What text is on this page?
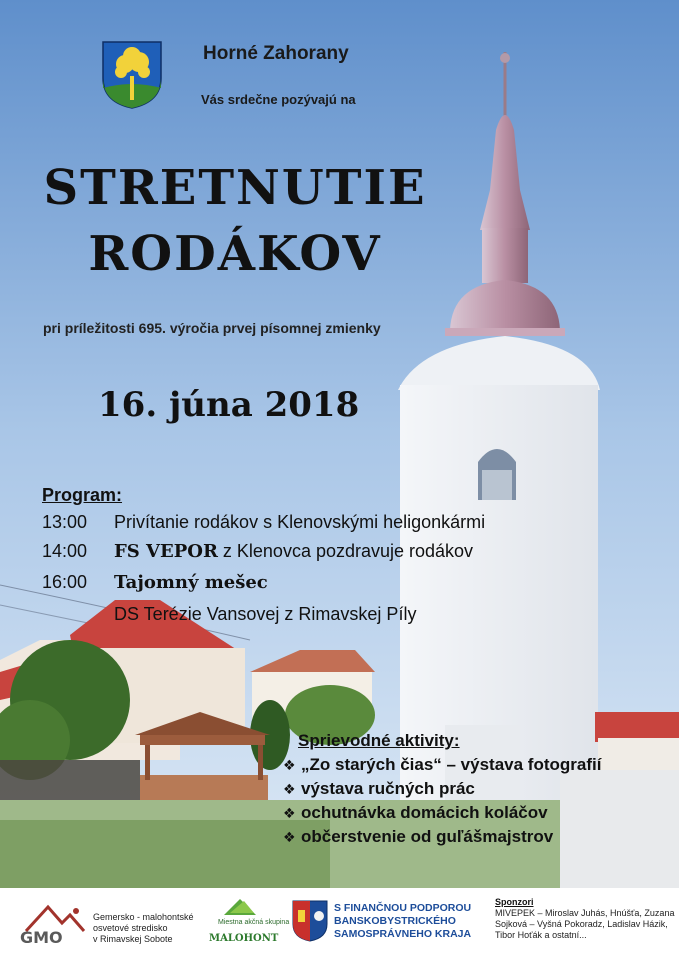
Horné Zahorany
Vás srdečne pozývajú na
STRETNUTIE
RODÁKOV
pri príležitosti 695. výročia prvej písomnej zmienky
16. júna 2018
Program:
13:00 Privítanie rodákov s Klenovskými heligonkármi
14:00 FS VEPOR z Klenovca pozdravuje rodákov
16:00 Tajomný mešec
DS Terézie Vansovej z Rimavskej Píly
Sprievodné aktivity:
❖ „Zo starých čias“ – výstava fotografií
❖ výstava ručných prác
❖ ochutnávka domácich koláčov
❖ občerstvenie od guľášmajstrov
GMO
Gemersko - malohontské
osvetové stredisko
v Rimavskej Sobote
Miestna akčná skupina
MALOHONT
S FINANČNOU PODPOROU
BANSKOBYSTRICKÉHO
SAMOSPRÁVNEHO KRAJA
Sponzori
MIVEPEK – Miroslav Juhás, Hnúšťa, Zuzana Sojková – Vyšná Pokoradz, Ladislav Házik, Tibor Hoťák a ostatní...
